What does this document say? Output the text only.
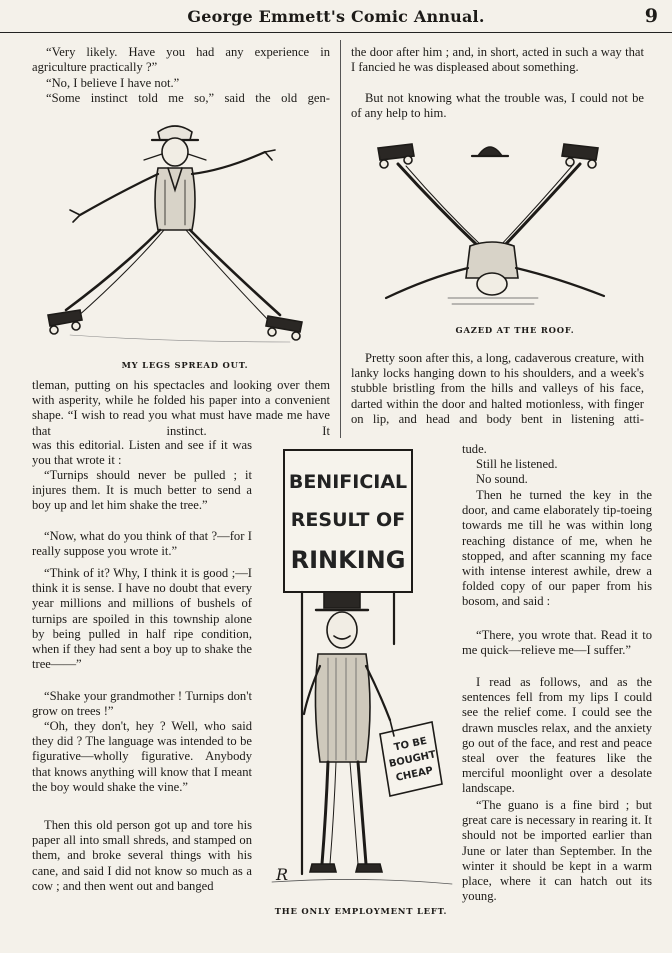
George Emmett's Comic Annual.	9

“Very likely. Have you had any experience in agriculture practically ?”

“No, I believe I have not.”

“Some instinct told me so,” said the old gen-

the door after him ; and, in short, acted in such a way that I fancied he was displeased about something.

But not knowing what the trouble was, I could not be of any help to him.

MY LEGS SPREAD OUT.
GAZED AT THE ROOF.

tleman, putting on his spectacles and looking over them with asperity, while he folded his paper into a convenient shape. “I wish to read you what must have made me have that instinct. It

Pretty soon after this, a long, cadaverous creature, with lanky locks hanging down to his shoulders, and a week's stubble bristling from the hills and valleys of his face, darted within the door and halted motionless, with finger on lip, and head and body bent in listening atti-

was this editorial. Listen and see if it was you that wrote it :

“Turnips should never be pulled ; it injures them. It is much better to send a boy up and let him shake the tree.”

“Now, what do you think of that ?—for I really suppose you wrote it.”

“Think of it? Why, I think it is good ;—I think it is sense. I have no doubt that every year millions and millions of bushels of turnips are spoiled in this township alone by being pulled in half ripe condition, when if they had sent a boy up to shake the tree——”

“Shake your grandmother ! Turnips don't grow on trees !”

“Oh, they don't, hey ? Well, who said they did ? The language was intended to be figurative—wholly figurative. Anybody that knows anything will know that I meant the boy would shake the vine.”

Then this old person got up and tore his paper all into small shreds, and stamped on them, and broke several things with his cane, and said I did not know so much as a cow ; and then went out and banged

BENIFICIAL
RESULT OF
RINKING
TO BE
BOUGHT
CHEAP
R
THE ONLY EMPLOYMENT LEFT.

tude.

Still he listened.

No sound.

Then he turned the key in the door, and came elaborately tip-toeing towards me till he was within long reaching distance of me, when he stopped, and after scanning my face with intense interest awhile, drew a folded copy of our paper from his bosom, and said :

“There, you wrote that. Read it to me quick—relieve me—I suffer.”

I read as follows, and as the sentences fell from my lips I could see the relief come. I could see the drawn muscles relax, and the anxiety go out of the face, and rest and peace steal over the features like the merciful moonlight over a desolate landscape.

“The guano is a fine bird ; but great care is necessary in rearing it. It should not be imported earlier than June or later than September. In the winter it should be kept in a warm place, where it can hatch out its young.
